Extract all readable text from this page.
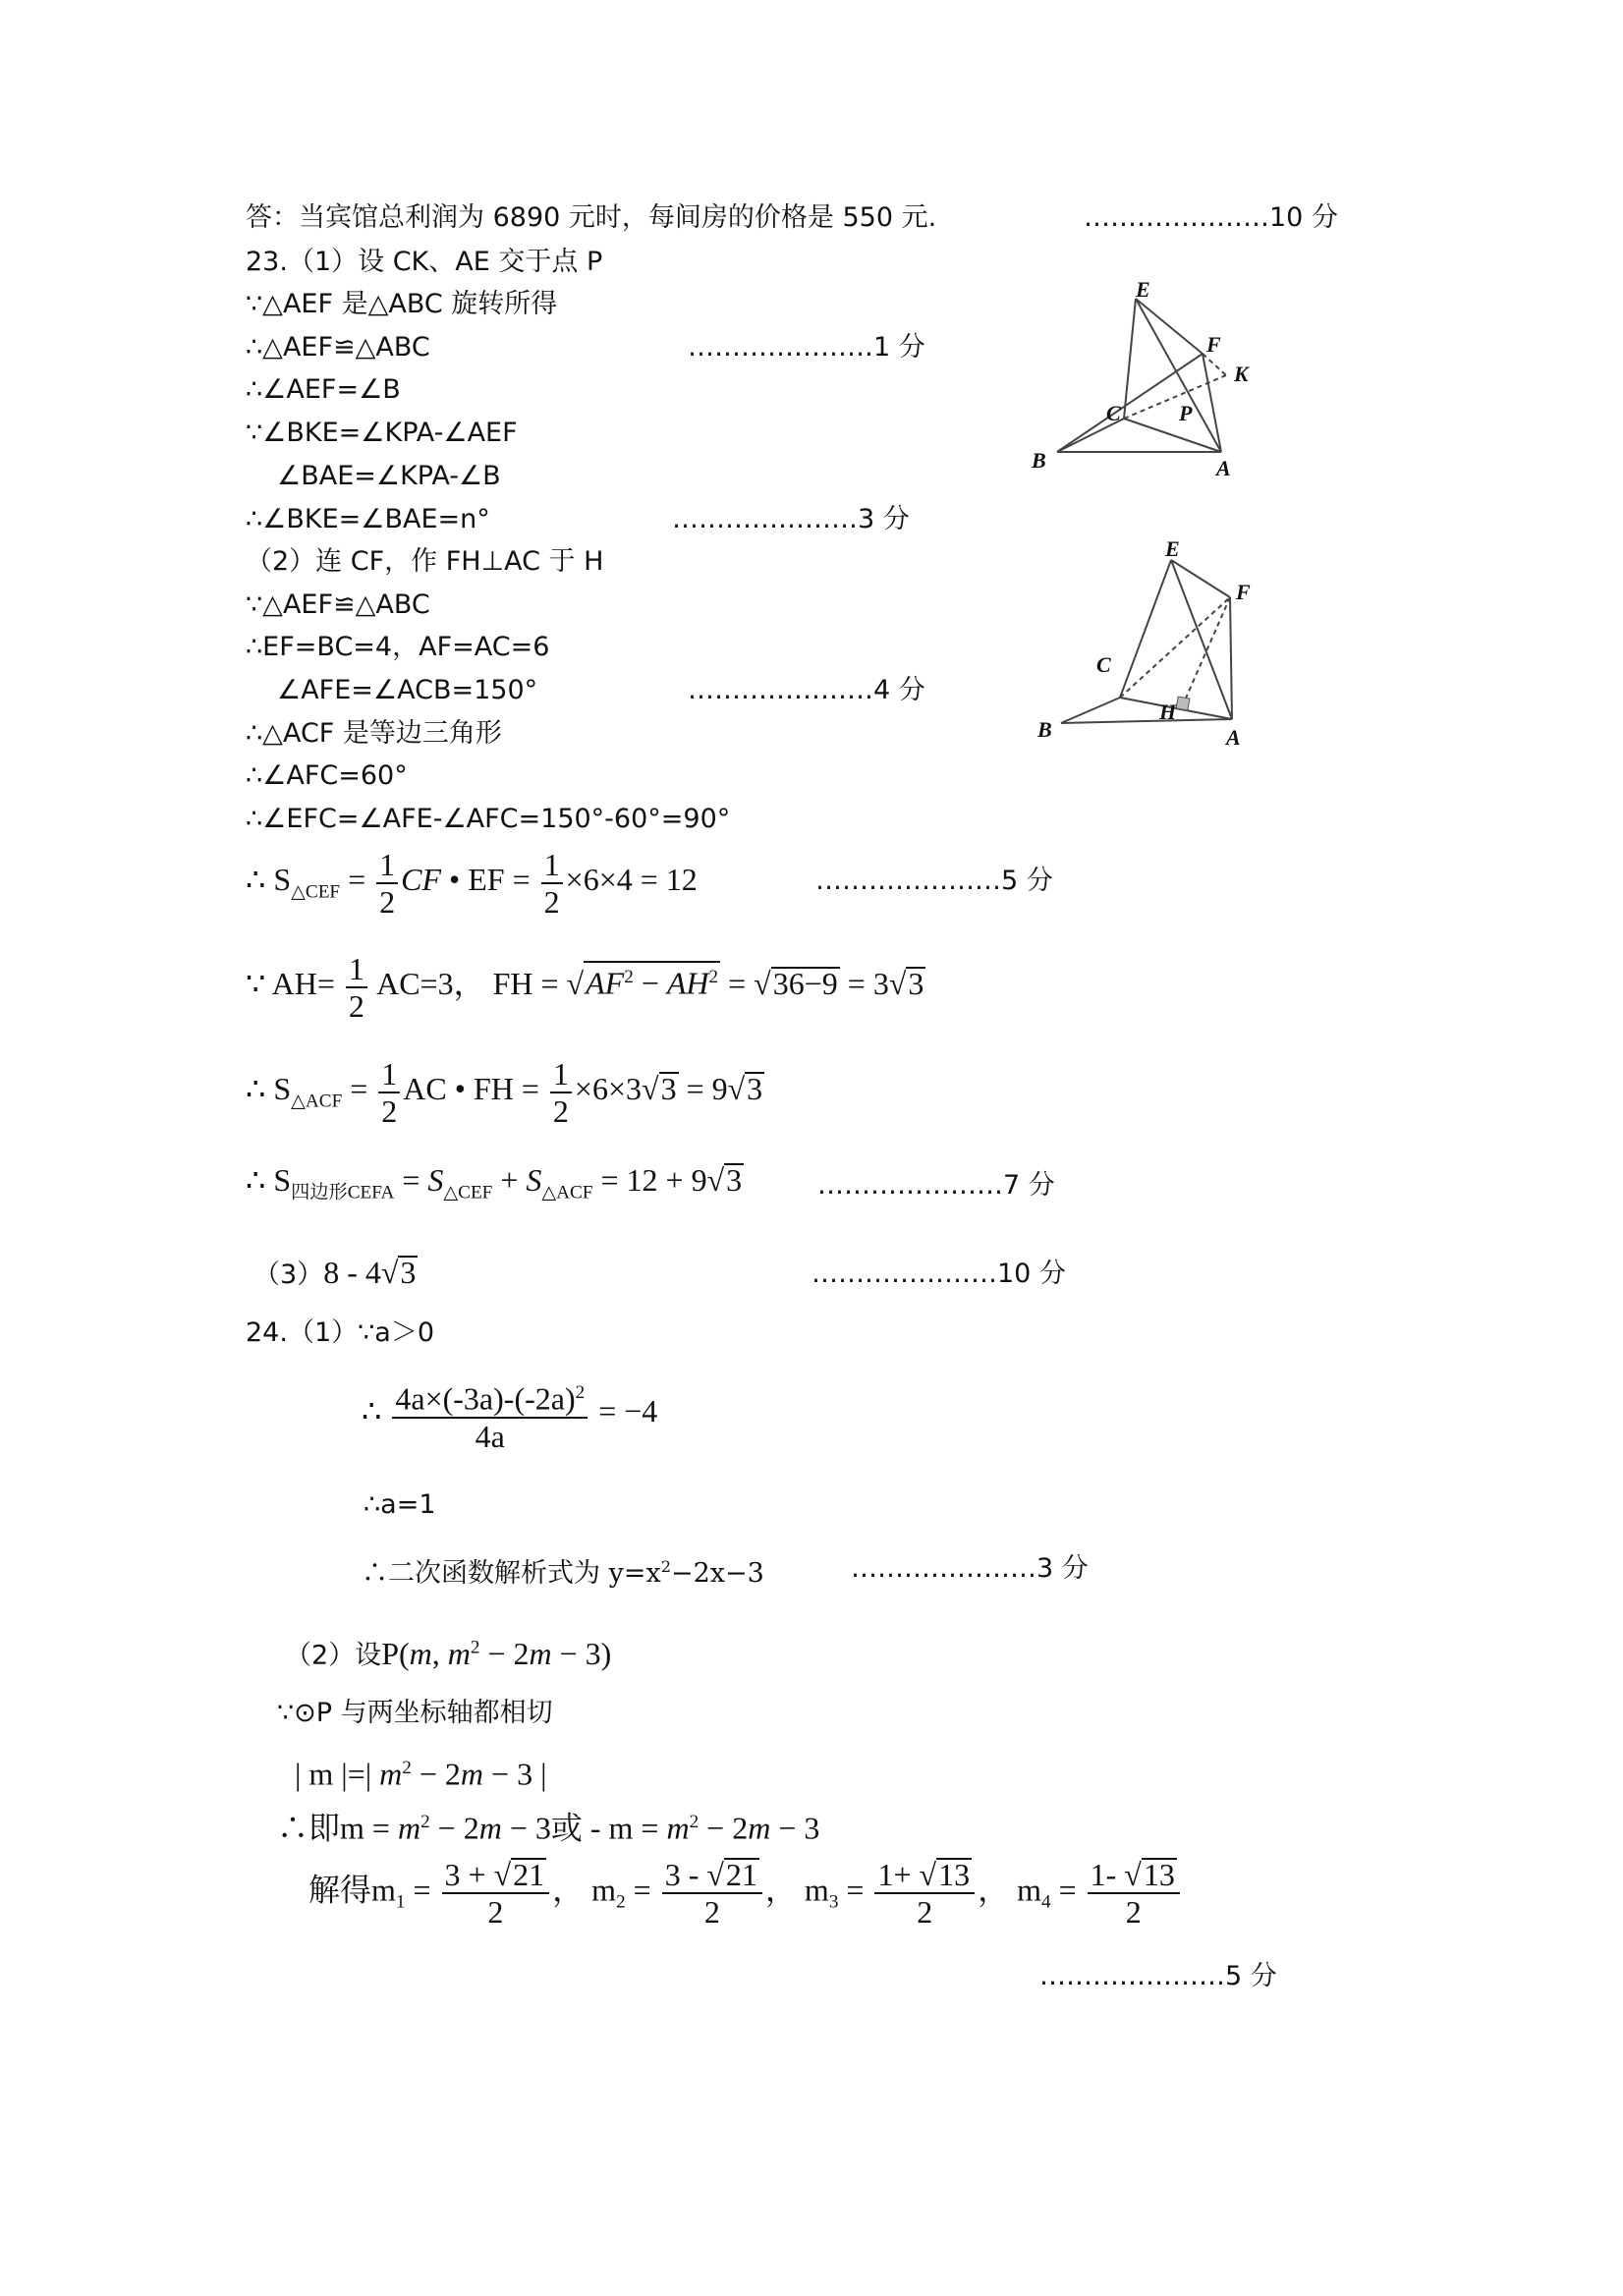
答：当宾馆总利润为 6890 元时，每间房的价格是 550 元.	…………………10 分
23.（1）设 CK、AE 交于点 P
∵△AEF 是△ABC 旋转所得
∴△AEF≌△ABC	…………………1 分
∴∠AEF=∠B
∵∠BKE=∠KPA-∠AEF
∠BAE=∠KPA-∠B
∴∠BKE=∠BAE=n°	…………………3 分
（2）连 CF，作 FH⊥AC 于 H
∵△AEF≌△ABC
∴EF=BC=4，AF=AC=6
∠AFE=∠ACB=150°	…………………4 分
∴△ACF 是等边三角形
∴∠AFC=60°
∴∠EFC=∠AFE-∠AFC=150°-60°=90°
∴ $S_{\triangle CEF} = \frac{1}{2}$ CF • EF = $\frac{1}{2} \times 6\times 4 = 12$	…………………5 分
∵ $AH= \frac{1}{2} AC=3$， FH = $√AF^2 - AH^2 = √36-9 = 3√3$
∴ $S_{\triangle ACF} = \frac{1}{2}$ AC • FH = $\frac{1}{2} \times 6\times 3√3 = 9√3$
∴ $S_{四边形CEFA} = S_{\triangle CEF} + S_{\triangle ACF} = 12 + 9√3$	…………………7 分
（3）8 - 4√3	…………………10 分
24.（1）∵a＞0
∴ $\frac{4a\times(-3a)-(-2a)^2}{4a} = -4$
∴a=1
∴二次函数解析式为 $y=x^2-2x-3$	…………………3 分
（2）设P(m, $m^2 - 2m - 3$)
∵⊙P 与两坐标轴都相切
| m |=| $m^2 - 2m - 3$ |
∴即$m = m^2 - 2m - 3$或 - $m = m^2 - 2m - 3$
解得$m_1 = \frac{3 + √21}{2}$ ， $m_2 = \frac{3 - √21}{2}$ ， $m_3 = \frac{1+ √13}{2}$ ， $m_4 = \frac{1- √13}{2}$
…………………5 分
E
F
K
C	P
B	A
E
F
C
H
B	A
